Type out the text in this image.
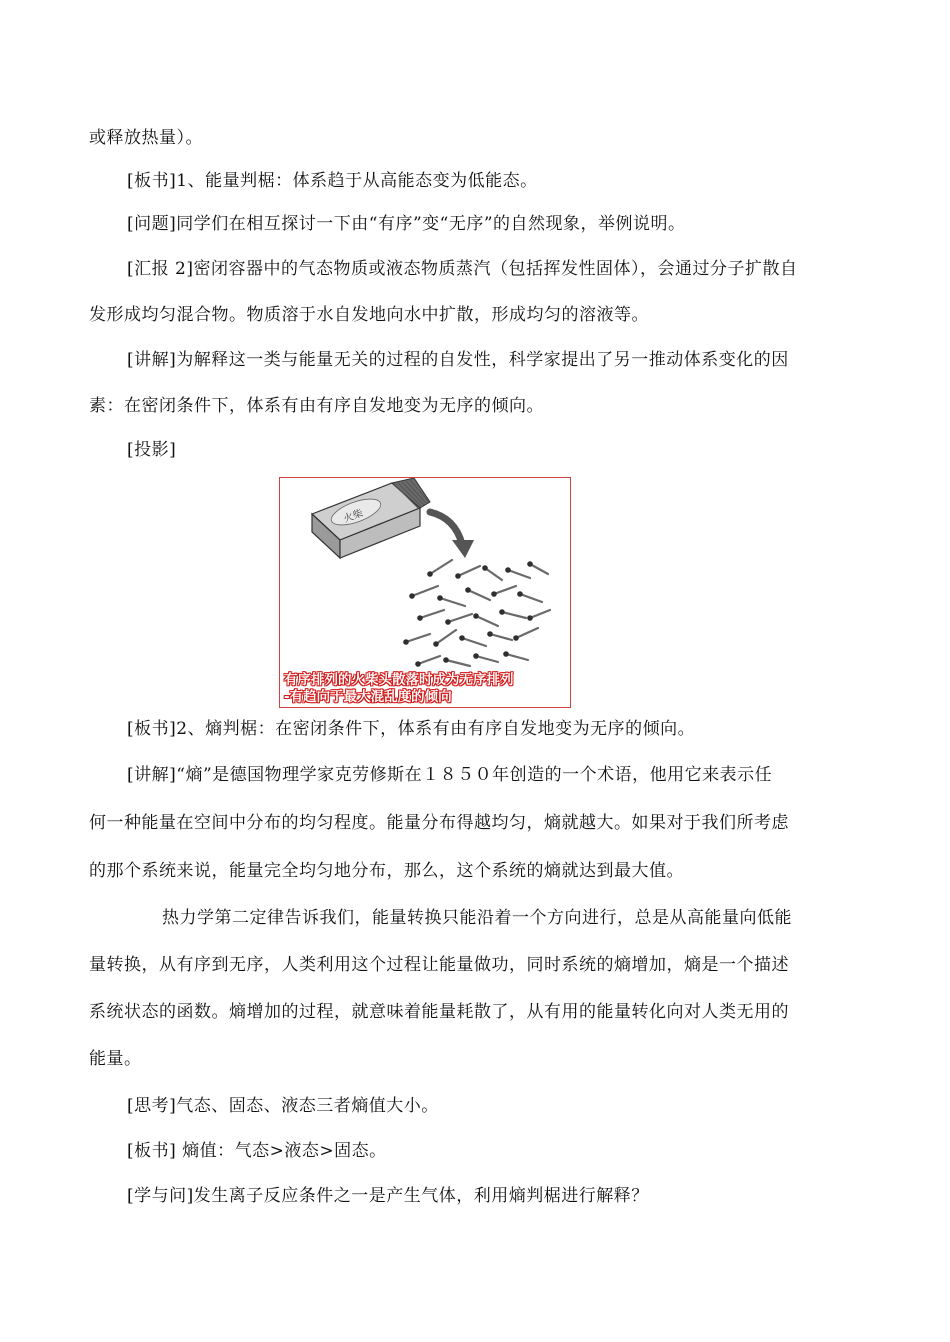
或释放热量）。
[板书]1、能量判椐：体系趋于从高能态变为低能态。
[问题]同学们在相互探讨一下由“有序”变“无序”的自然现象，举例说明。
[汇报 2]密闭容器中的气态物质或液态物质蒸汽（包括挥发性固体），会通过分子扩散自
发形成均匀混合物。物质溶于水自发地向水中扩散，形成均匀的溶液等。
[讲解]为解释这一类与能量无关的过程的自发性，科学家提出了另一推动体系变化的因
素：在密闭条件下，体系有由有序自发地变为无序的倾向。
[投影]
火柴
有序排列的火柴头散落时成为无序排列
-有趋向于最大混乱度的倾向
[板书]2、熵判椐：在密闭条件下，体系有由有序自发地变为无序的倾向。
[讲解]“熵”是德国物理学家克劳修斯在１８５０年创造的一个术语，他用它来表示任
何一种能量在空间中分布的均匀程度。能量分布得越均匀，熵就越大。如果对于我们所考虑
的那个系统来说，能量完全均匀地分布，那么，这个系统的熵就达到最大值。
热力学第二定律告诉我们，能量转换只能沿着一个方向进行，总是从高能量向低能
量转换，从有序到无序，人类利用这个过程让能量做功，同时系统的熵增加，熵是一个描述
系统状态的函数。熵增加的过程，就意味着能量耗散了，从有用的能量转化向对人类无用的
能量。
[思考]气态、固态、液态三者熵值大小。
[板书] 熵值：气态>液态>固态。
[学与问]发生离子反应条件之一是产生气体，利用熵判椐进行解释？
